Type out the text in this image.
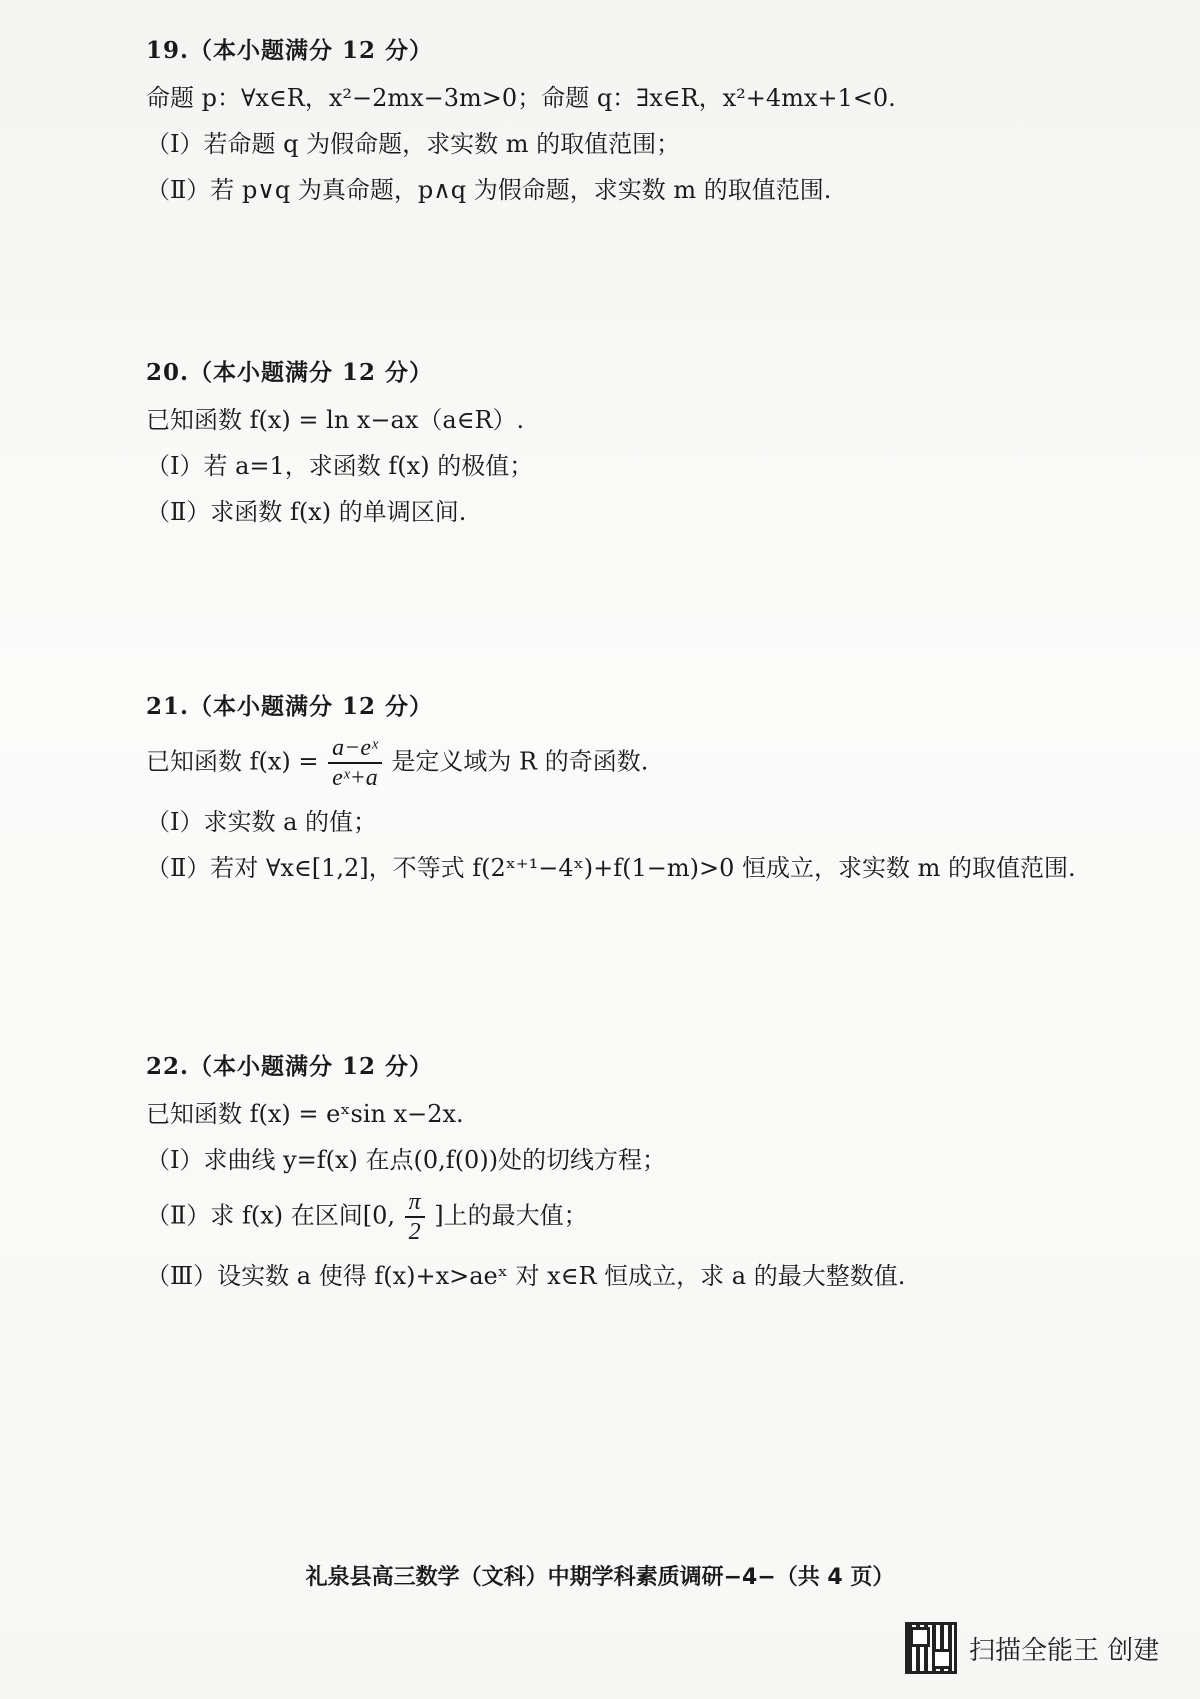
19.（本小题满分 12 分）
命题 p：∀x∈R，x²−2mx−3m>0；命题 q：∃x∈R，x²+4mx+1<0.
（Ⅰ）若命题 q 为假命题，求实数 m 的取值范围；
（Ⅱ）若 p∨q 为真命题，p∧q 为假命题，求实数 m 的取值范围.
20.（本小题满分 12 分）
已知函数 f(x) = ln x−ax（a∈R）.
（Ⅰ）若 a=1，求函数 f(x) 的极值；
（Ⅱ）求函数 f(x) 的单调区间.
21.（本小题满分 12 分）
已知函数 $f(x) = \frac{\text{a−eˣ}}{\text{eˣ+a}}$ 是定义域为 R 的奇函数.
（Ⅰ）求实数 a 的值；
（Ⅱ）若对 ∀x∈[1,2]，不等式 f(2ˣ⁺¹−4ˣ)+f(1−m)>0 恒成立，求实数 m 的取值范围.
22.（本小题满分 12 分）
已知函数 f(x) = eˣsin x−2x.
（Ⅰ）求曲线 y=f(x) 在点(0,f(0))处的切线方程；
（Ⅱ）求 f(x) 在区间[0, $\frac{\pi}{2}$ ]上的最大值；
（Ⅲ）设实数 a 使得 f(x)+x>aeˣ 对 x∈R 恒成立，求 a 的最大整数值.
礼泉县高三数学（文科）中期学科素质调研−4−（共 4 页）
扫描全能王 创建
